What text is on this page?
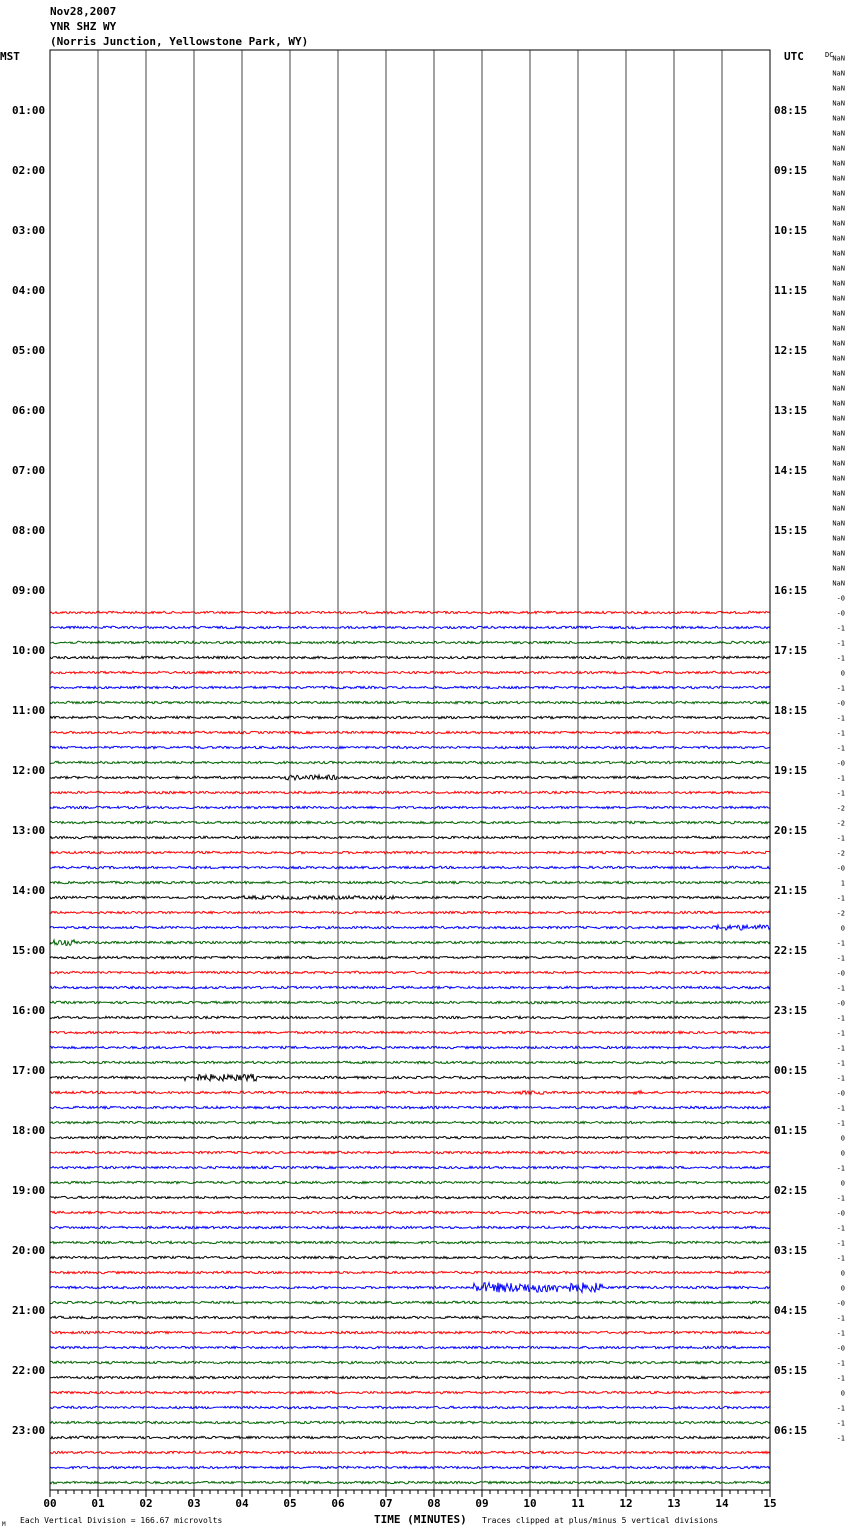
Nov28,2007
YNR SHZ WY
(Norris Junction, Yellowstone Park, WY)
00	01	02	03	04	05	06	07	08	09	10	11	12	13	14	15
01:00
02:00
03:00
04:00
05:00
06:00
07:00
08:00
09:00
10:00
11:00
12:00
13:00
14:00
15:00
16:00
17:00
18:00
19:00
20:00
21:00
22:00
23:00
08:15
09:15
10:15
11:15
12:15
13:15
14:15
15:15
16:15
17:15
18:15
19:15
20:15
21:15
22:15
23:15
00:15
01:15
02:15
03:15
04:15
05:15
06:15
NaN
NaN
NaN
NaN
NaN
NaN
NaN
NaN
NaN
NaN
NaN
NaN
NaN
NaN
NaN
NaN
NaN
NaN
NaN
NaN
NaN
NaN
NaN
NaN
NaN
NaN
NaN
NaN
NaN
NaN
NaN
NaN
NaN
NaN
NaN
NaN
-0
-0
-1
-1
-1
0
-1
-0
-1
-1
-1
-0
-1
-1
-2
-2
-1
-2
-0
1
-1
-2
0
-1
-1
-0
-1
-0
-1
-1
-1
-1
-1
-0
-1
-1
0
0
-1
0
-1
-0
-1
-1
-1
0
0
-0
-1
-1
-0
-1
-1
0
-1
-1
-1
MST	UTC	DC
TIME (MINUTES)
Each Vertical Division = 166.67 microvolts	Traces clipped at plus/minus 5 vertical divisions
M
